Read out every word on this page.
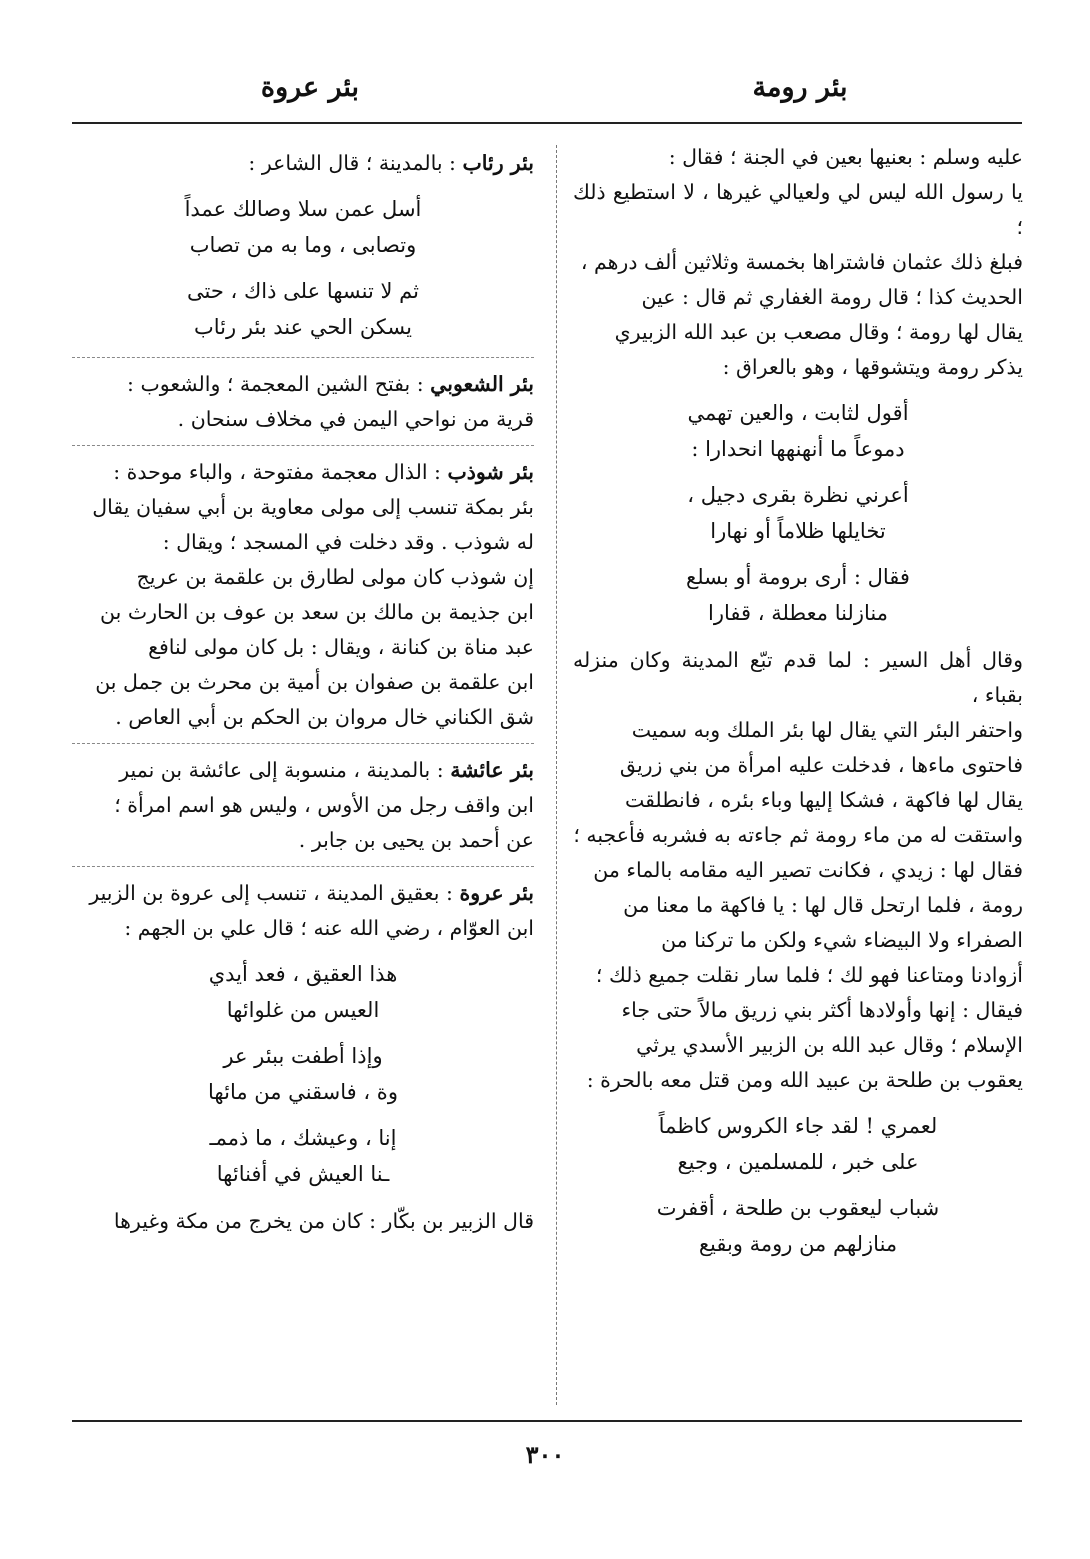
بئر رومة
بئر عروة

عليه وسلم : بعنيها بعين في الجنة ؛ فقال :

يا رسول الله ليس لي ولعيالي غيرها ، لا استطيع ذلك ؛

فبلغ ذلك عثمان فاشتراها بخمسة وثلاثين ألف درهم ،

الحديث كذا ؛ قال رومة الغفاري ثم قال : عين

يقال لها رومة ؛ وقال مصعب بن عبد الله الزبيري

يذكر رومة ويتشوقها ، وهو بالعراق :

أقول لثابت ، والعين تهمي
دموعاً ما أنهنهها انحدارا :
أعرني نظرة بقرى دجيل ،
تخايلها ظلاماً أو نهارا
فقال : أرى برومة أو بسلع
منازلنا معطلة ، قفارا

وقال أهل السير : لما قدم تبّع المدينة وكان منزله بقباء ،

واحتفر البئر التي يقال لها بئر الملك وبه سميت

فاحتوى ماءها ، فدخلت عليه امرأة من بني زريق

يقال لها فاكهة ، فشكا إليها وباء بئره ، فانطلقت

واستقت له من ماء رومة ثم جاءته به فشربه فأعجبه ؛

فقال لها : زيدي ، فكانت تصير اليه مقامه بالماء من

رومة ، فلما ارتحل قال لها : يا فاكهة ما معنا من

الصفراء ولا البيضاء شيء ولكن ما تركنا من

أزوادنا ومتاعنا فهو لك ؛ فلما سار نقلت جميع ذلك ؛

فيقال : إنها وأولادها أكثر بني زريق مالاً حتى جاء

الإسلام ؛ وقال عبد الله بن الزبير الأسدي يرثي

يعقوب بن طلحة بن عبيد الله ومن قتل معه بالحرة :

لعمري ! لقد جاء الكروس كاظماً
على خبر ، للمسلمين ، وجيع
شباب ليعقوب بن طلحة ، أقفرت
منازلهم من رومة وبقيع

بئر رئاب : بالمدينة ؛ قال الشاعر :

أسل عمن سلا وصالك عمداً
وتصابى ، وما به من تصاب
ثم لا تنسها على ذاك ، حتى
يسكن الحي عند بئر رئاب

بئر الشعوبي : بفتح الشين المعجمة ؛ والشعوب :

قرية من نواحي اليمن في مخلاف سنحان .

بئر شوذب : الذال معجمة مفتوحة ، والباء موحدة :

بئر بمكة تنسب إلى مولى معاوية بن أبي سفيان يقال

له شوذب . وقد دخلت في المسجد ؛ ويقال :

إن شوذب كان مولى لطارق بن علقمة بن عريج

ابن جذيمة بن مالك بن سعد بن عوف بن الحارث بن

عبد مناة بن كنانة ، ويقال : بل كان مولى لنافع

ابن علقمة بن صفوان بن أمية بن محرث بن جمل بن

شق الكناني خال مروان بن الحكم بن أبي العاص .

بئر عائشة : بالمدينة ، منسوبة إلى عائشة بن نمير

ابن واقف رجل من الأوس ، وليس هو اسم امرأة ؛

عن أحمد بن يحيى بن جابر .

بئر عروة : بعقيق المدينة ، تنسب إلى عروة بن الزبير

ابن العوّام ، رضي الله عنه ؛ قال علي بن الجهم :

هذا العقيق ، فعد أيدي
العيس من غلوائها
وإذا أطفت ببئر عر
وة ، فاسقني من مائها
إنا ، وعيشك ، ما ذممـ
ـنا العيش في أفنائها

قال الزبير بن بكّار : كان من يخرج من مكة وغيرها

٣٠٠
